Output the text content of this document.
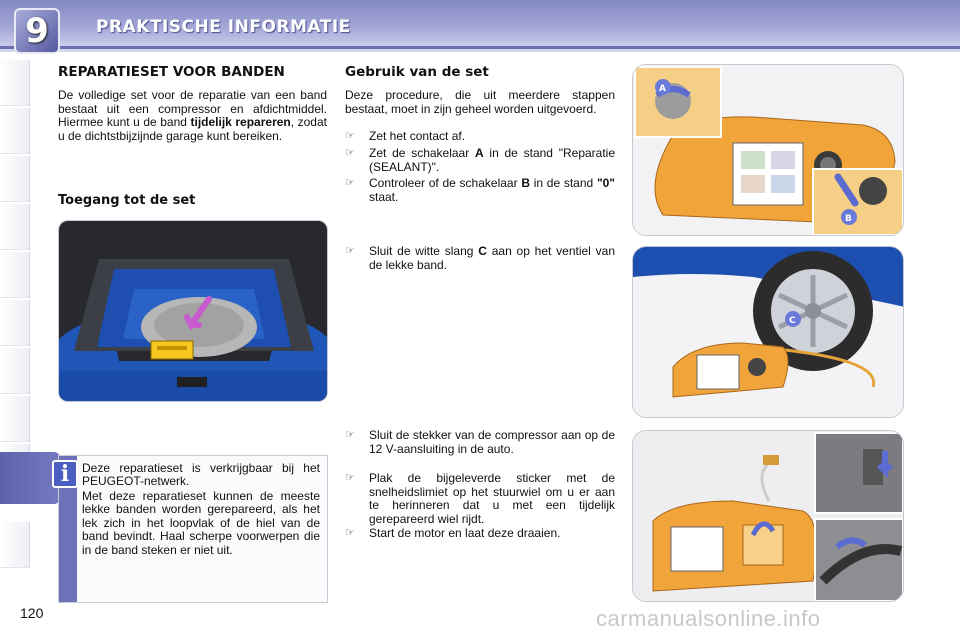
9	PRAKTISCHE INFORMATIE
REPARATIESET VOOR BANDEN
De volledige set voor de reparatie van een band bestaat uit een compressor en afdichtmiddel. Hiermee kunt u de band tijdelijk repareren, zodat u de dichtstbijzijnde garage kunt bereiken.
Toegang tot de set
i	Deze reparatieset is verkrijgbaar bij het PEUGEOT-netwerk.
Met deze reparatieset kunnen de meeste lekke banden worden gerepareerd, als het lek zich in het loopvlak of de hiel van de band bevindt. Haal scherpe voorwerpen die in de band steken er niet uit.
Gebruik van de set
Deze procedure, die uit meerdere stappen bestaat, moet in zijn geheel worden uitgevoerd.
☞ Zet het contact af.
☞ Zet de schakelaar A in de stand "Reparatie (SEALANT)".
☞ Controleer of de schakelaar B in de stand "0" staat.
☞ Sluit de witte slang C aan op het ventiel van de lekke band.
☞ Sluit de stekker van de compressor aan op de 12 V-aansluiting in de auto.
☞ Plak de bijgeleverde sticker met de snelheidslimiet op het stuurwiel om u er aan te herinneren dat u met een tijdelijk gerepareerd wiel rijdt.
☞ Start de motor en laat deze draaien.
A
B
C
120	carmanualsonline.info
